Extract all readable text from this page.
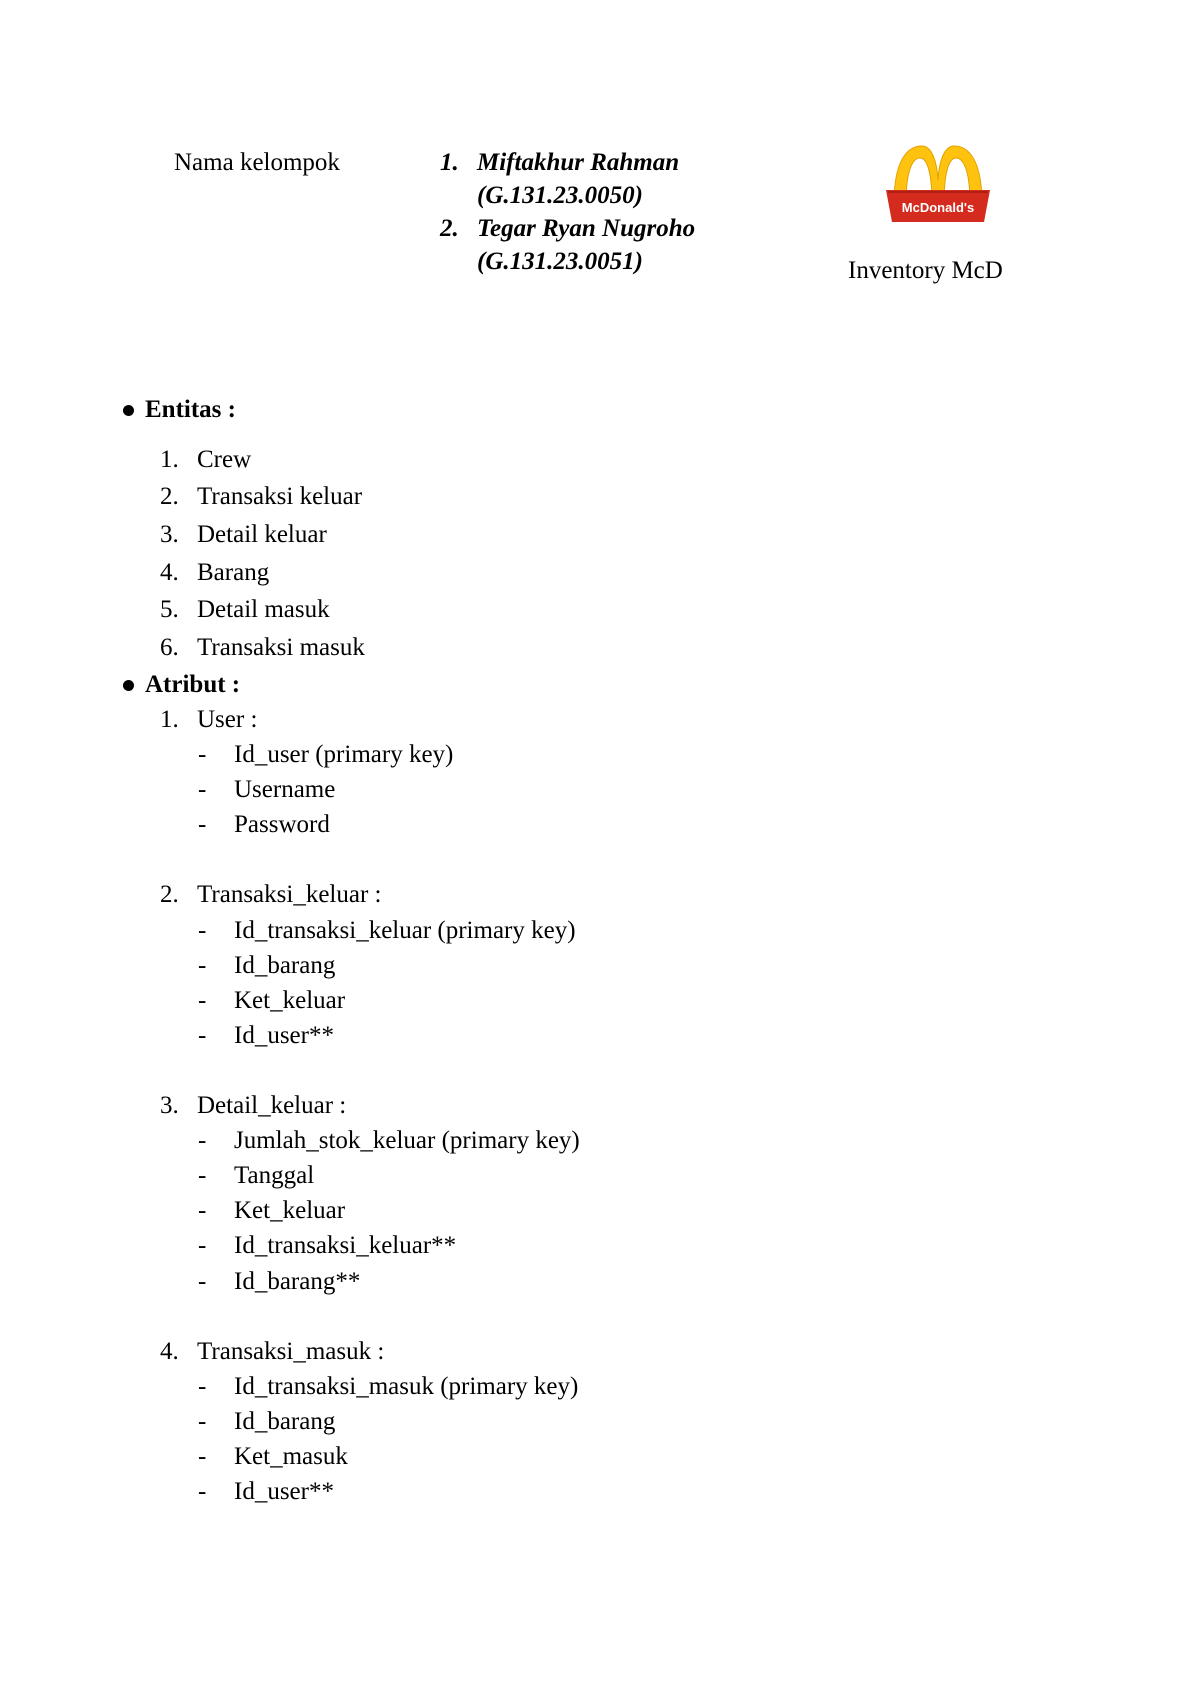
Nama kelompok	1. Miftakhur Rahman
(G.131.23.0050)
2. Tegar Ryan Nugroho
(G.131.23.0051)
McDonald's
Inventory McD
Entitas :
1. Crew
2. Transaksi keluar
3. Detail keluar
4. Barang
5. Detail masuk
6. Transaksi masuk
Atribut :
1. User :
- Id_user (primary key)
- Username
- Password
2. Transaksi_keluar :
- Id_transaksi_keluar (primary key)
- Id_barang
- Ket_keluar
- Id_user**
3. Detail_keluar :
- Jumlah_stok_keluar (primary key)
- Tanggal
- Ket_keluar
- Id_transaksi_keluar**
- Id_barang**
4. Transaksi_masuk :
- Id_transaksi_masuk (primary key)
- Id_barang
- Ket_masuk
- Id_user**
